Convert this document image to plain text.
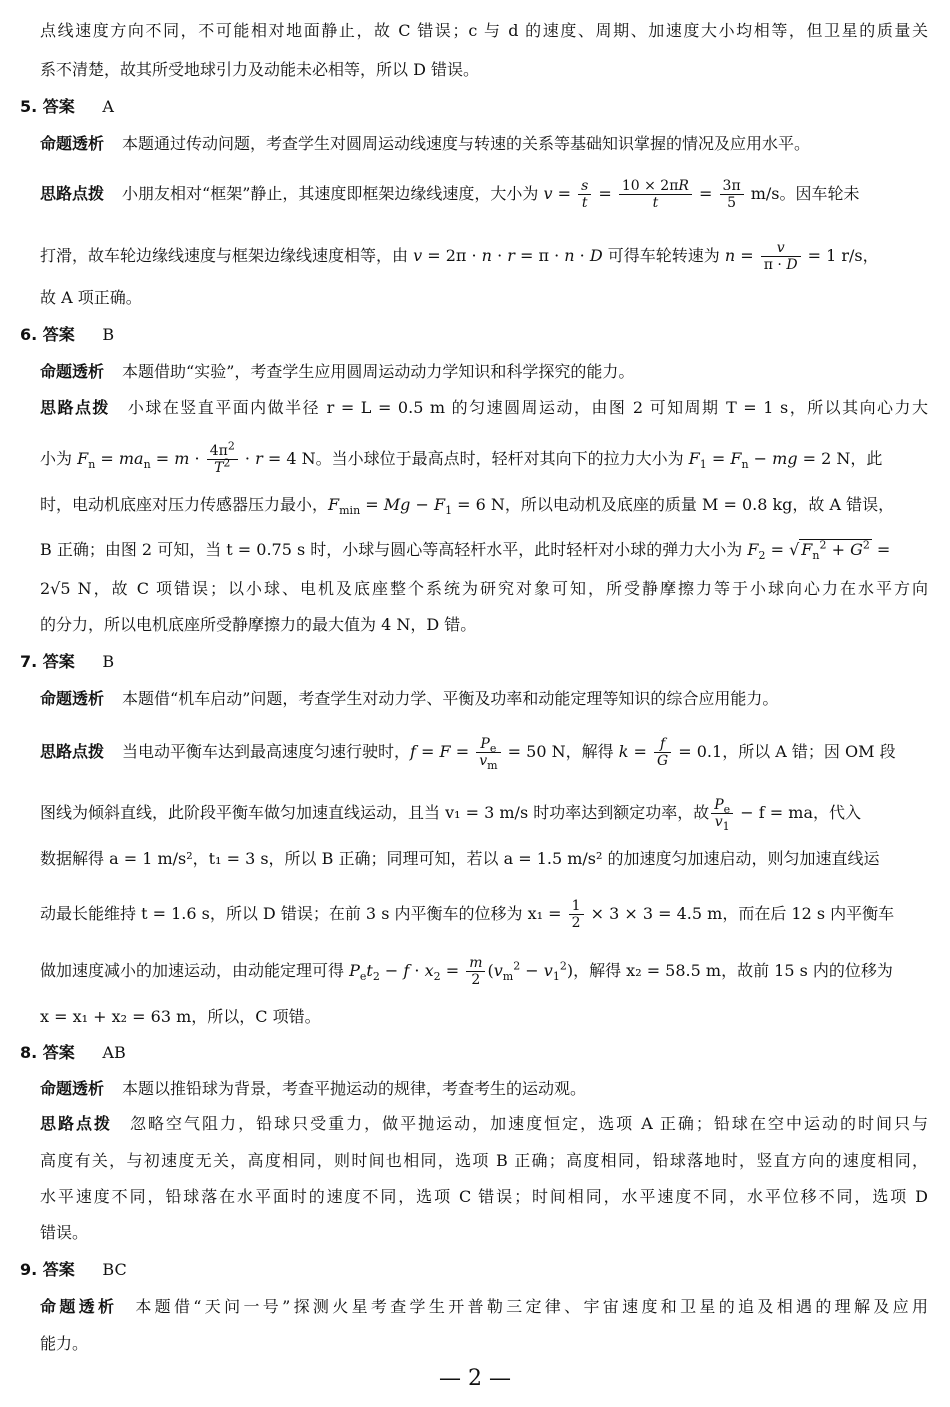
点线速度方向不同，不可能相对地面静止，故 C 错误；c 与 d 的速度、周期、加速度大小均相等，但卫星的质量关
系不清楚，故其所受地球引力及动能未必相等，所以 D 错误。
5. 答案 A
命题透析 本题通过传动问题，考查学生对圆周运动线速度与转速的关系等基础知识掌握的情况及应用水平。
思路点拨 小朋友相对“框架”静止，其速度即框架边缘线速度，大小为 $v = \frac{s}{t} = \frac{10 \times 2\pi R}{t} = \frac{3\pi}{5} m/s$。因车轮未
打滑，故车轮边缘线速度与框架边缘线速度相等，由 v = 2π · n · r = π · n · D 可得车轮转速为 $n = \frac{v}{\pi \cdot D} = 1$ r/s，
故 A 项正确。
6. 答案 B
命题透析 本题借助“实验”，考查学生应用圆周运动动力学知识和科学探究的能力。
思路点拨 小球在竖直平面内做半径 r = L = 0.5 m 的匀速圆周运动，由图 2 可知周期 T = 1 s，所以其向心力大
小为 $F_n = ma_n = m \cdot \frac{4\pi^2}{T^2} \cdot r = 4$ N。当小球位于最高点时，轻杆对其向下的拉力大小为 $F_1 = F_n$ − mg = 2 N，此
时，电动机底座对压力传感器压力最小，$F_{min} = Mg - F_1 = 6$ N，所以电动机及底座的质量 M = 0.8 kg，故 A 错误，
B 正确；由图 2 可知，当 t = 0.75 s 时，小球与圆心等高轻杆水平，此时轻杆对小球的弹力大小为 $F_2$ = √ $F_n^2 + G^2$ =
2√5 N，故 C 项错误；以小球、电机及底座整个系统为研究对象可知，所受静摩擦力等于小球向心力在水平方向
的分力，所以电机底座所受静摩擦力的最大值为 4 N，D 错。
7. 答案 B
命题透析 本题借“机车启动”问题，考查学生对动力学、平衡及功率和动能定理等知识的综合应用能力。
思路点拨 当电动平衡车达到最高速度匀速行驶时，$f = F = \frac{P_e}{v_m} = 50$ N，解得 $k = \frac{f}{G} = 0.1$，所以 A 错；因 OM 段
图线为倾斜直线，此阶段平衡车做匀加速直线运动，且当 v₁ = 3 m/s 时功率达到额定功率，故 $\frac{P_e}{v_1} - f$ = ma，代入
数据解得 a = 1 m/s²，t₁ = 3 s，所以 B 正确；同理可知，若以 a = 1.5 m/s² 的加速度匀加速启动，则匀加速直线运
动最长能维持 t = 1.6 s，所以 D 错误；在前 3 s 内平衡车的位移为 $x_1 = \frac{1}{2} \times 3 \times 3 = 4.5$ m，而在后 12 s 内平衡车
做加速度减小的加速运动，由动能定理可得 $P_et_2 - f \cdot x_2 = \frac{m}{2} (v_m^2 - v_1^2)$，解得 x₂ = 58.5 m，故前 15 s 内的位移为
x = x₁ + x₂ = 63 m，所以，C 项错。
8. 答案 AB
命题透析 本题以推铅球为背景，考查平抛运动的规律，考查考生的运动观。
思路点拨 忽略空气阻力，铅球只受重力，做平抛运动，加速度恒定，选项 A 正确；铅球在空中运动的时间只与
高度有关，与初速度无关，高度相同，则时间也相同，选项 B 正确；高度相同，铅球落地时，竖直方向的速度相同，
水平速度不同，铅球落在水平面时的速度不同，选项 C 错误；时间相同，水平速度不同，水平位移不同，选项 D
错误。
9. 答案 BC
命题透析 本题借“天问一号”探测火星考查学生开普勒三定律、宇宙速度和卫星的追及相遇的理解及应用
能力。
— 2 —
